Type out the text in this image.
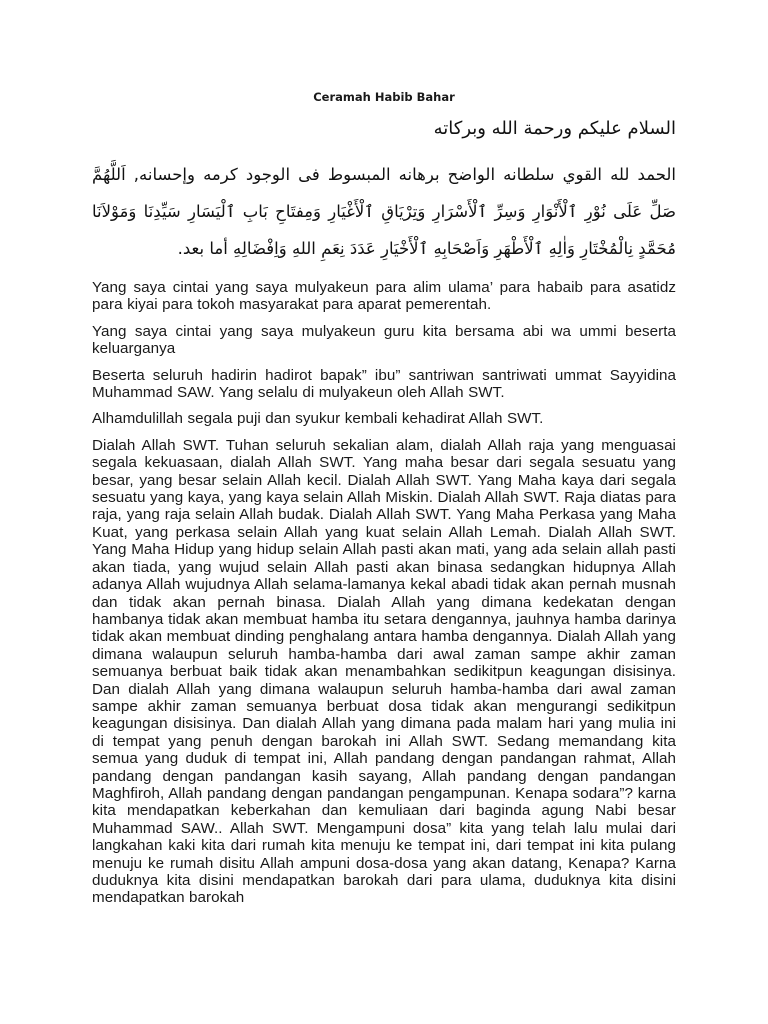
Ceramah Habib Bahar
السلام عليكم ورحمة الله وبركاته
الحمد لله القوي سلطانه الواضح برهانه المبسوط فى الوجود كرمه وإحسانه, اَللَّهُمَّ صَلِّ عَلَى نُوْرِ ٱلْأَنْوَارِ وَسِرِّ ٱلْأَسْرَارِ وَتِرْيَاقِ ٱلْأَغْيَارِ وَمِفتَاحِ بَابِ ٱلْيَسَارِ سَيِّدِنَا وَمَوْلاَنَا مُحَمَّدٍ نِالْمُخْتَارِ وَاٰلِهِ ٱلْأَطْهَرِ وَاَصْحَابِهِ ٱلْأَخْيَارِ عَدَدَ نِعَمِ اللهِ وَاِفْضَالِهِ أما بعد.

Yang saya cintai yang saya mulyakeun para alim ulama’ para habaib para asatidz para kiyai para tokoh masyarakat para aparat pemerentah.

Yang saya cintai yang saya mulyakeun guru kita bersama abi wa ummi beserta keluarganya

Beserta seluruh hadirin hadirot bapak” ibu” santriwan santriwati ummat Sayyidina Muhammad SAW. Yang selalu di mulyakeun oleh Allah SWT.

Alhamdulillah segala puji dan syukur kembali kehadirat Allah SWT.

Dialah Allah SWT. Tuhan seluruh sekalian alam, dialah Allah raja yang menguasai segala kekuasaan, dialah Allah SWT. Yang maha besar dari segala sesuatu yang besar, yang besar selain Allah kecil. Dialah Allah SWT. Yang Maha kaya dari segala sesuatu yang kaya, yang kaya selain Allah Miskin. Dialah Allah SWT. Raja diatas para raja, yang raja selain Allah budak. Dialah Allah SWT. Yang Maha Perkasa yang Maha Kuat, yang perkasa selain Allah yang kuat selain Allah Lemah. Dialah Allah SWT. Yang Maha Hidup yang hidup selain Allah pasti akan mati, yang ada selain allah pasti akan tiada, yang wujud selain Allah pasti akan binasa sedangkan hidupnya Allah adanya Allah wujudnya Allah selama-lamanya kekal abadi tidak akan pernah musnah dan tidak akan pernah binasa. Dialah Allah yang dimana kedekatan dengan hambanya tidak akan membuat hamba itu setara dengannya, jauhnya hamba darinya tidak akan membuat dinding penghalang antara hamba dengannya. Dialah Allah yang dimana walaupun seluruh hamba-hamba dari awal zaman sampe akhir zaman semuanya berbuat baik tidak akan menambahkan sedikitpun keagungan disisinya. Dan dialah Allah yang dimana walaupun seluruh hamba-hamba dari awal zaman sampe akhir zaman semuanya berbuat dosa tidak akan mengurangi sedikitpun keagungan disisinya. Dan dialah Allah yang dimana pada malam hari yang mulia ini di tempat yang penuh dengan barokah ini Allah SWT. Sedang memandang kita semua yang duduk di tempat ini, Allah pandang dengan pandangan rahmat, Allah pandang dengan pandangan kasih sayang, Allah pandang dengan pandangan Maghfiroh, Allah pandang dengan pandangan pengampunan. Kenapa sodara”? karna kita mendapatkan keberkahan dan kemuliaan dari baginda agung Nabi besar Muhammad SAW.. Allah SWT. Mengampuni dosa” kita yang telah lalu mulai dari langkahan kaki kita dari rumah kita menuju ke tempat ini, dari tempat ini kita pulang menuju ke rumah disitu Allah ampuni dosa-dosa yang akan datang, Kenapa? Karna duduknya kita disini mendapatkan barokah dari para ulama, duduknya kita disini mendapatkan barokah
